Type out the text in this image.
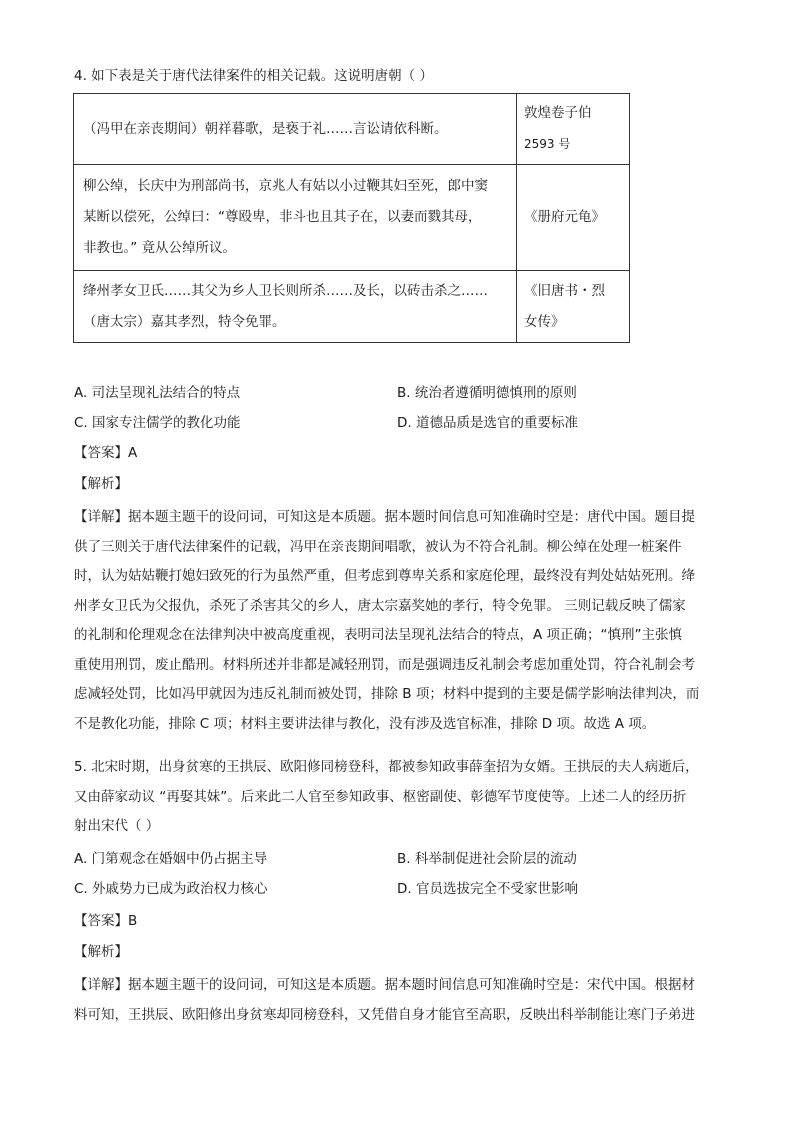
4. 如下表是关于唐代法律案件的相关记载。这说明唐朝（ ）
（冯甲在亲丧期间）朝祥暮歌，是亵于礼……言讼请依科断。	敦煌卷子伯
2593 号

柳公绰，长庆中为刑部尚书，京兆人有姑以小过鞭其妇至死，郎中窦
某断以偿死，公绰曰：“尊殴卑，非斗也且其子在，以妻而戮其母，
非教也。” 竟从公绰所议。	《册府元龟》

绛州孝女卫氏……其父为乡人卫长则所杀……及长，以砖击杀之……
（唐太宗）嘉其孝烈，特令免罪。	《旧唐书・烈
女传》
A. 司法呈现礼法结合的特点	B. 统治者遵循明德慎刑的原则
C. 国家专注儒学的教化功能	D. 道德品质是选官的重要标准
【答案】A
【解析】
【详解】据本题主题干的设问词，可知这是本质题。据本题时间信息可知准确时空是：唐代中国。题目提
供了三则关于唐代法律案件的记载，冯甲在亲丧期间唱歌，被认为不符合礼制。柳公绰在处理一桩案件
时，认为姑姑鞭打媳妇致死的行为虽然严重，但考虑到尊卑关系和家庭伦理，最终没有判处姑姑死刑。绛
州孝女卫氏为父报仇，杀死了杀害其父的乡人，唐太宗嘉奖她的孝行，特令免罪。 三则记载反映了儒家
的礼制和伦理观念在法律判决中被高度重视，表明司法呈现礼法结合的特点，A 项正确；“慎刑”主张慎
重使用刑罚，废止酷刑。材料所述并非都是减轻刑罚，而是强调违反礼制会考虑加重处罚，符合礼制会考
虑减轻处罚，比如冯甲就因为违反礼制而被处罚，排除 B 项；材料中提到的主要是儒学影响法律判决，而
不是教化功能，排除 C 项；材料主要讲法律与教化，没有涉及选官标准，排除 D 项。故选 A 项。
5. 北宋时期，出身贫寒的王拱辰、欧阳修同榜登科，都被参知政事薛奎招为女婿。王拱辰的夫人病逝后，
又由薛家动议 “再娶其妹”。后来此二人官至参知政事、枢密副使、彰德军节度使等。上述二人的经历折
射出宋代（ ）
A. 门第观念在婚姻中仍占据主导	B. 科举制促进社会阶层的流动
C. 外戚势力已成为政治权力核心	D. 官员选拔完全不受家世影响
【答案】B
【解析】
【详解】据本题主题干的设问词，可知这是本质题。据本题时间信息可知准确时空是：宋代中国。根据材
料可知，王拱辰、欧阳修出身贫寒却同榜登科，又凭借自身才能官至高职，反映出科举制能让寒门子弟进
